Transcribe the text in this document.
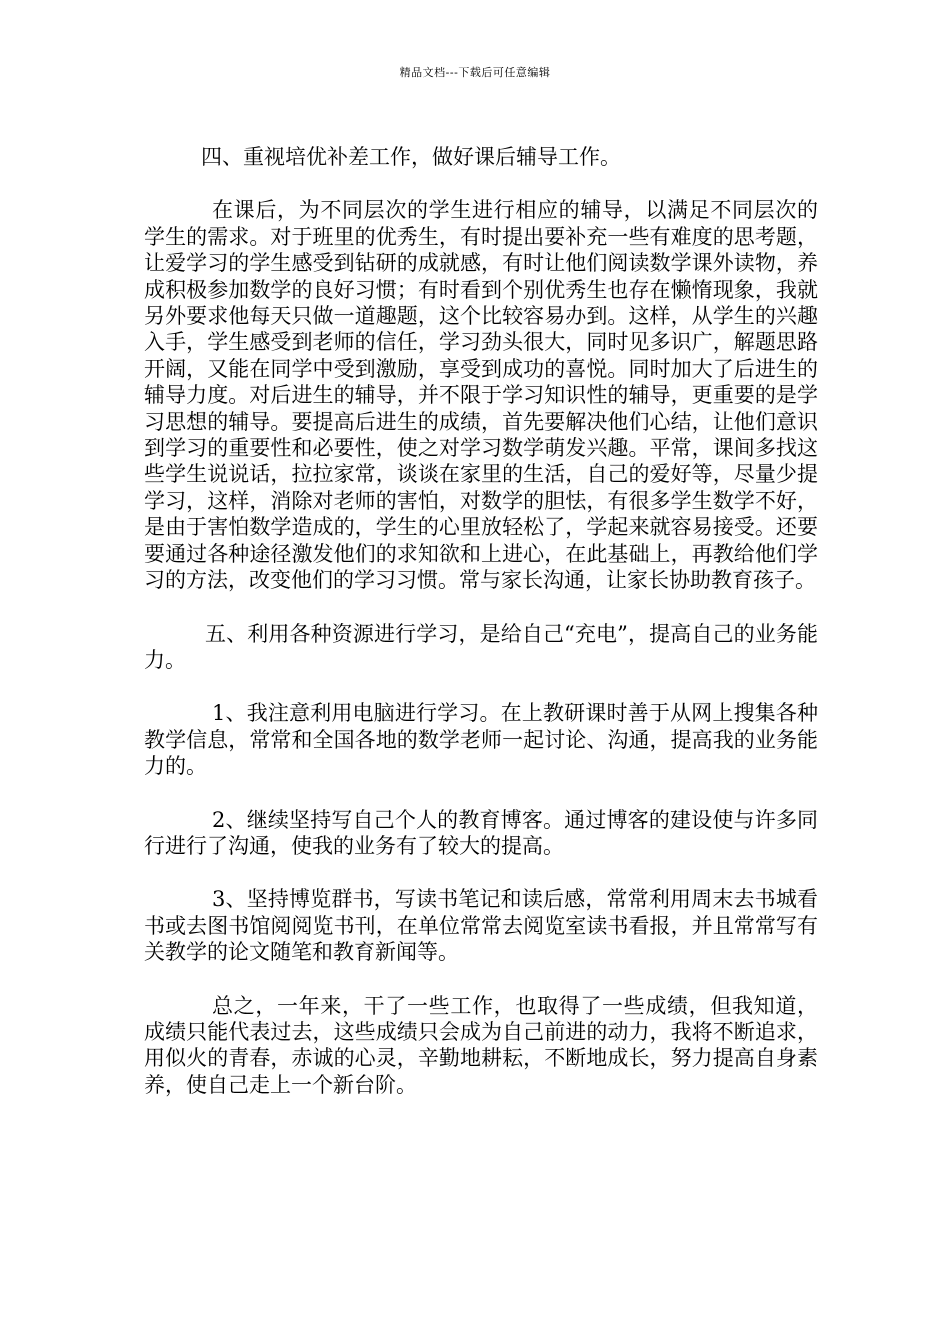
精品文档---下载后可任意编辑

四、重视培优补差工作，做好课后辅导工作。

在课后，为不同层次的学生进行相应的辅导，以满足不同层次的学生的需求。对于班里的优秀生，有时提出要补充一些有难度的思考题，让爱学习的学生感受到钻研的成就感，有时让他们阅读数学课外读物，养成积极参加数学的良好习惯；有时看到个别优秀生也存在懒惰现象，我就另外要求他每天只做一道趣题，这个比较容易办到。这样，从学生的兴趣入手，学生感受到老师的信任，学习劲头很大，同时见多识广，解题思路开阔，又能在同学中受到激励，享受到成功的喜悦。同时加大了后进生的辅导力度。对后进生的辅导，并不限于学习知识性的辅导，更重要的是学习思想的辅导。要提高后进生的成绩，首先要解决他们心结，让他们意识到学习的重要性和必要性，使之对学习数学萌发兴趣。平常，课间多找这些学生说说话，拉拉家常，谈谈在家里的生活，自己的爱好等，尽量少提学习，这样，消除对老师的害怕，对数学的胆怯，有很多学生数学不好，是由于害怕数学造成的，学生的心里放轻松了，学起来就容易接受。还要要通过各种途径激发他们的求知欲和上进心，在此基础上，再教给他们学习的方法，改变他们的学习习惯。常与家长沟通，让家长协助教育孩子。

五、利用各种资源进行学习，是给自己“充电”，提高自己的业务能力。

1、我注意利用电脑进行学习。在上教研课时善于从网上搜集各种教学信息，常常和全国各地的数学老师一起讨论、沟通，提高我的业务能力的。

2、继续坚持写自己个人的教育博客。通过博客的建设使与许多同行进行了沟通，使我的业务有了较大的提高。

3、坚持博览群书，写读书笔记和读后感，常常利用周末去书城看书或去图书馆阅阅览书刊，在单位常常去阅览室读书看报，并且常常写有关教学的论文随笔和教育新闻等。

总之，一年来，干了一些工作，也取得了一些成绩，但我知道，成绩只能代表过去，这些成绩只会成为自己前进的动力，我将不断追求，用似火的青春，赤诚的心灵，辛勤地耕耘，不断地成长，努力提高自身素养，使自己走上一个新台阶。
